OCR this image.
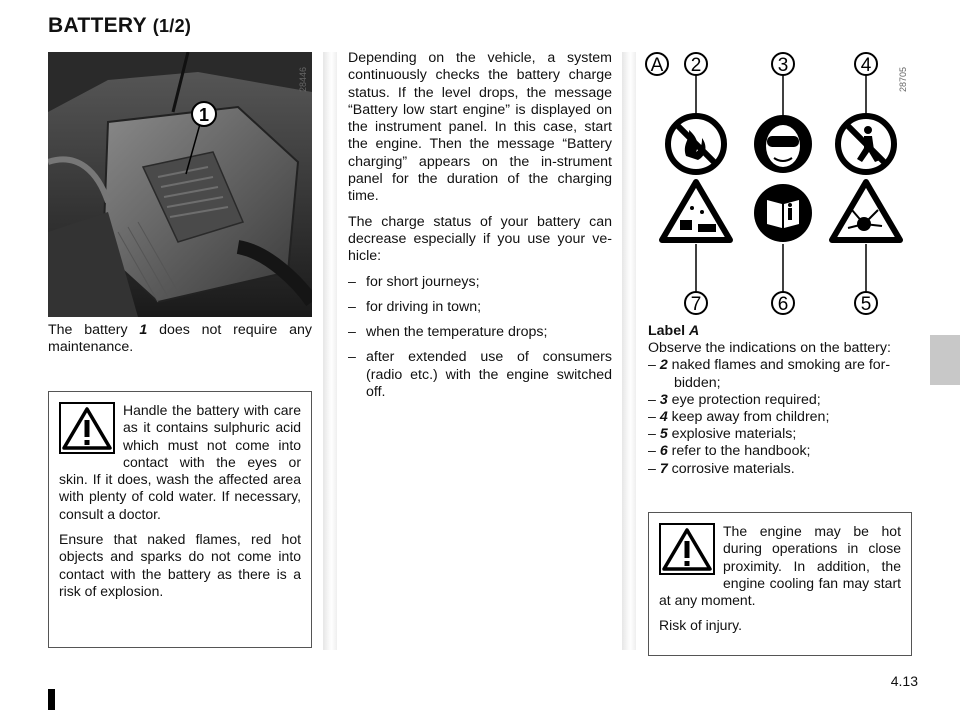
BATTERY (1/2)
1
28446
The battery 1 does not require any maintenance.

Handle the battery with care as it contains sulphuric acid which must not come into contact with the eyes or skin. If it does, wash the affected area with plenty of cold water. If necessary, consult a doctor.

Ensure that naked flames, red hot objects and sparks do not come into contact with the battery as there is a risk of explosion.

Depending on the vehicle, a system continuously checks the battery charge status. If the level drops, the message “Battery low start engine” is displayed on the instrument panel. In this case, start the engine. Then the message “Battery charging” appears on the in-strument panel for the duration of the charging time.

The charge status of your battery can decrease especially if you use your ve-hicle:

– for short journeys;
– for driving in town;
– when the temperature drops;
– after extended use of consumers (radio etc.) with the engine switched off.
A 2	3	4
7	6	5
28705
Label A
Observe the indications on the battery:
– 2 naked flames and smoking are for-
bidden;
– 3 eye protection required;
– 4 keep away from children;
– 5 explosive materials;
– 6 refer to the handbook;
– 7 corrosive materials.

The engine may be hot during operations in close proximity. In addition, the engine cooling fan may start at any moment.

Risk of injury.

4.13
